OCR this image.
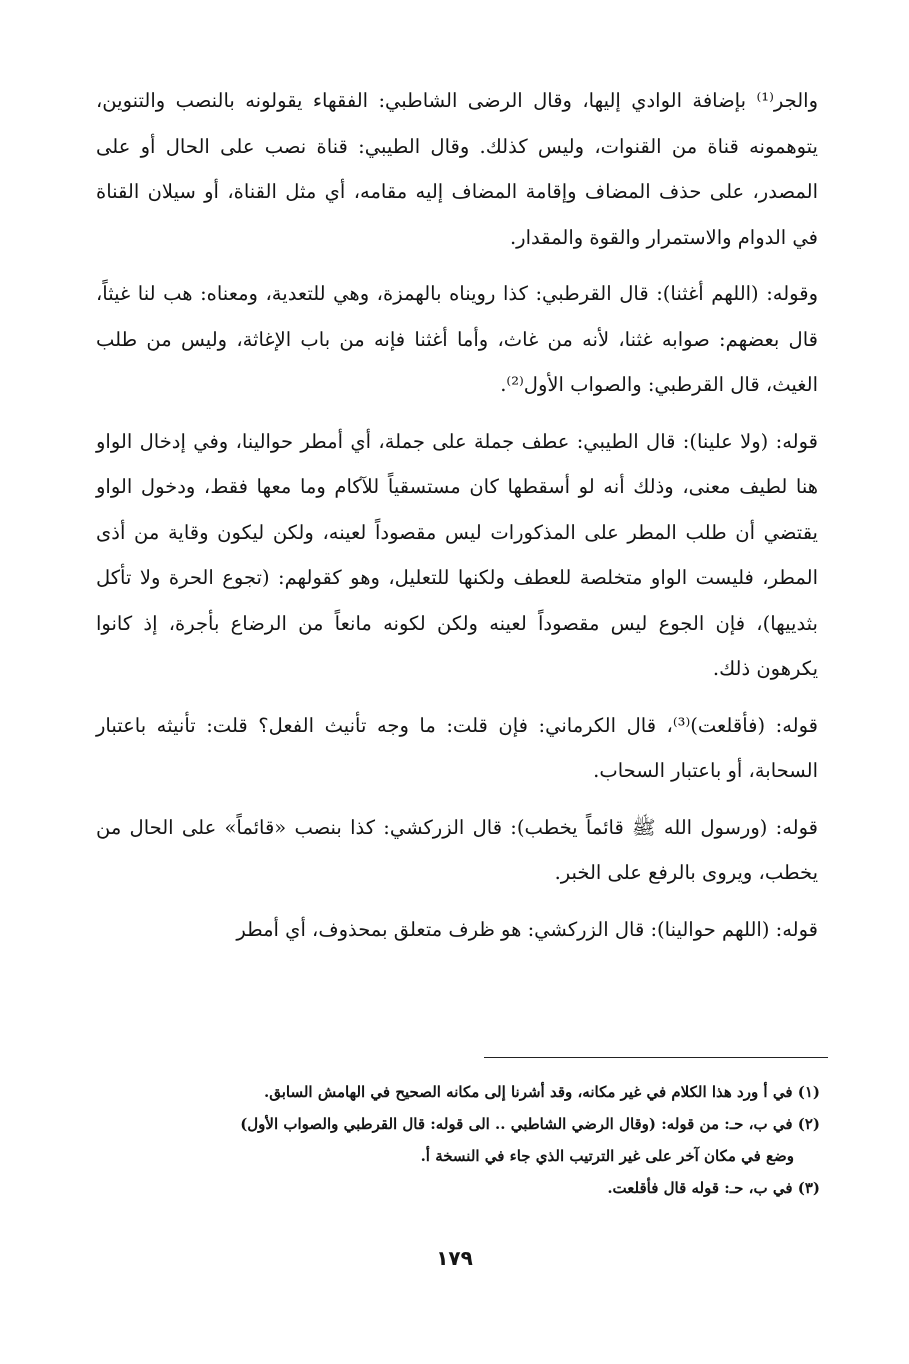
والجر⁽¹⁾ بإضافة الوادي إليها، وقال الرضى الشاطبي: الفقهاء يقولونه بالنصب والتنوين، يتوهمونه قناة من القنوات، وليس كذلك. وقال الطيبي: قناة نصب على الحال أو على المصدر، على حذف المضاف وإقامة المضاف إليه مقامه، أي مثل القناة، أو سيلان القناة في الدوام والاستمرار والقوة والمقدار.

وقوله: (اللهم أغثنا): قال القرطبي: كذا رويناه بالهمزة، وهي للتعدية، ومعناه: هب لنا غيثاً، قال بعضهم: صوابه غثنا، لأنه من غاث، وأما أغثنا فإنه من باب الإغاثة، وليس من طلب الغيث، قال القرطبي: والصواب الأول⁽²⁾.

قوله: (ولا علينا): قال الطيبي: عطف جملة على جملة، أي أمطر حوالينا، وفي إدخال الواو هنا لطيف معنى، وذلك أنه لو أسقطها كان مستسقياً للآكام وما معها فقط، ودخول الواو يقتضي أن طلب المطر على المذكورات ليس مقصوداً لعينه، ولكن ليكون وقاية من أذى المطر، فليست الواو متخلصة للعطف ولكنها للتعليل، وهو كقولهم: (تجوع الحرة ولا تأكل بثدييها)، فإن الجوع ليس مقصوداً لعينه ولكن لكونه مانعاً من الرضاع بأجرة، إذ كانوا يكرهون ذلك.

قوله: (فأقلعت)⁽³⁾، قال الكرماني: فإن قلت: ما وجه تأنيث الفعل؟ قلت: تأنيثه باعتبار السحابة، أو باعتبار السحاب.

قوله: (ورسول الله ﷺ قائماً يخطب): قال الزركشي: كذا بنصب «قائماً» على الحال من يخطب، ويروى بالرفع على الخبر.

قوله: (اللهم حوالينا): قال الزركشي: هو ظرف متعلق بمحذوف، أي أمطر

(١) في أ ورد هذا الكلام في غير مكانه، وقد أشرنا إلى مكانه الصحيح في الهامش السابق.

(٢) في ب، حـ: من قوله: (وقال الرضي الشاطبي .. الى قوله: قال القرطبي والصواب الأول)

وضع في مكان آخر على غير الترتيب الذي جاء في النسخة أ.

(٣) في ب، حـ: قوله قال فأقلعت.

١٧٩
